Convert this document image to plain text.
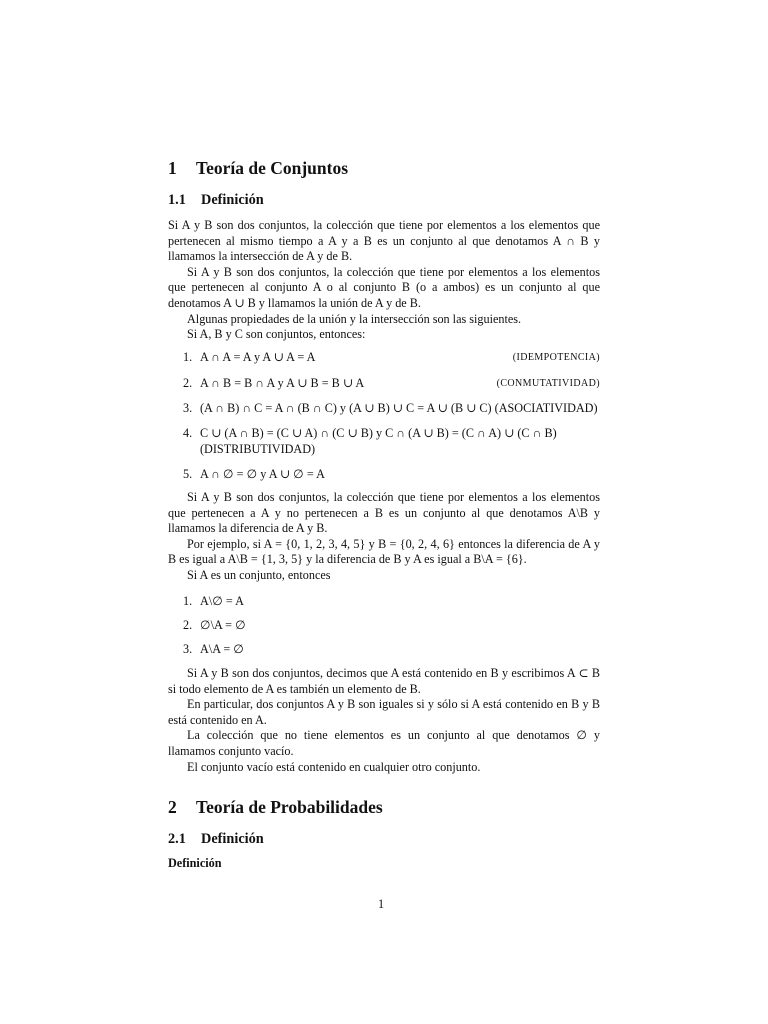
1 Teoría de Conjuntos
1.1 Definición

Si A y B son dos conjuntos, la colección que tiene por elementos a los elementos que pertenecen al mismo tiempo a A y a B es un conjunto al que denotamos A ∩ B y llamamos la intersección de A y de B.

Si A y B son dos conjuntos, la colección que tiene por elementos a los elementos que pertenecen al conjunto A o al conjunto B (o a ambos) es un conjunto al que denotamos A ∪ B y llamamos la unión de A y de B.

Algunas propiedades de la unión y la intersección son las siguientes.

Si A, B y C son conjuntos, entonces:

1. A ∩ A = A y A ∪ A = A	(IDEMPOTENCIA)
2. A ∩ B = B ∩ A y A ∪ B = B ∪ A	(CONMUTATIVIDAD)
3. (A ∩ B) ∩ C = A ∩ (B ∩ C) y (A ∪ B) ∪ C = A ∪ (B ∪ C) (ASOCIATIVIDAD)
4. C ∪ (A ∩ B) = (C ∪ A) ∩ (C ∪ B) y C ∩ (A ∪ B) = (C ∩ A) ∪ (C ∩ B) (DISTRIBUTIVIDAD)
5. A ∩ ∅ = ∅ y A ∪ ∅ = A

Si A y B son dos conjuntos, la colección que tiene por elementos a los elementos que pertenecen a A y no pertenecen a B es un conjunto al que denotamos A\B y llamamos la diferencia de A y B.

Por ejemplo, si A = {0, 1, 2, 3, 4, 5} y B = {0, 2, 4, 6} entonces la diferencia de A y B es igual a A\B = {1, 3, 5} y la diferencia de B y A es igual a B\A = {6}.

Si A es un conjunto, entonces

1. A\∅ = A
2. ∅\A = ∅
3. A\A = ∅

Si A y B son dos conjuntos, decimos que A está contenido en B y escribimos A ⊂ B si todo elemento de A es también un elemento de B.

En particular, dos conjuntos A y B son iguales si y sólo si A está contenido en B y B está contenido en A.

La colección que no tiene elementos es un conjunto al que denotamos ∅ y llamamos conjunto vacío.

El conjunto vacío está contenido en cualquier otro conjunto.

2 Teoría de Probabilidades
2.1 Definición
Definición
1
